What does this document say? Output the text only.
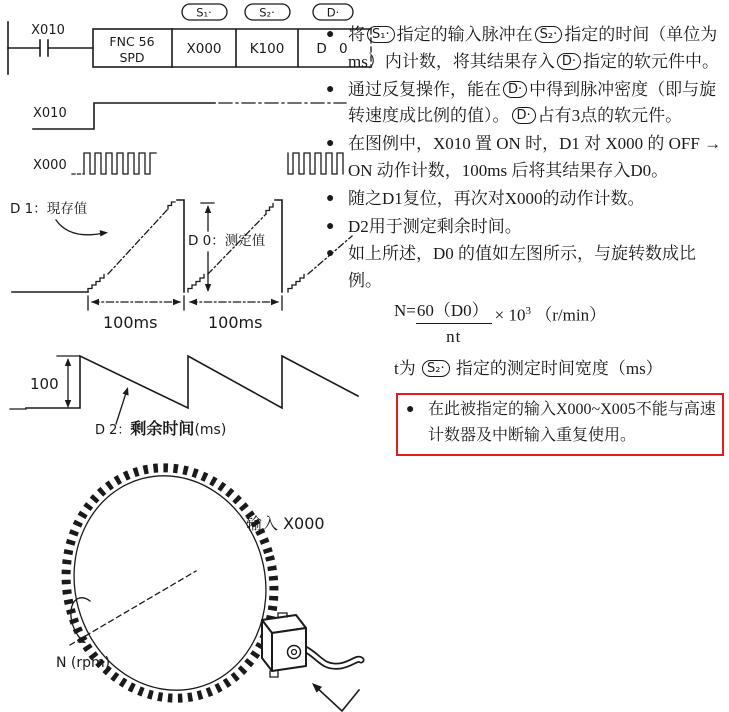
S₁·	S₂·	D·
X010
FNC 56
SPD
X000 K100 D 0
X010
X000
D 1：現存值
D 0：测定值
100ms	100ms
100
D 2：剩余时间(ms)
N (rpm)
输入 X000
● 将 S₁· 指定的输入脉冲在 S₂· 指定的时间（单位为ms）内计数，将其结果存入 D· 指定的软元件中。
● 通过反复操作，能在 D· 中得到脉冲密度（即与旋转速度成比例的值）。 D· 占有3点的软元件。
● 在图例中，X010 置 ON 时，D1 对 X000 的 OFF → ON 动作计数，100ms 后将其结果存入D0。
● 随之D1复位，再次对X000的动作计数。
● D2用于测定剩余时间。
● 如上所述，D0 的值如左图所示，与旋转数成比例。
$N= \frac{60(D0)}{nt} \times 10^3$ （r/min）
t为 S₂· 指定的测定时间宽度（ms）
● 在此被指定的输入X000~X005不能与高速计数器及中断输入重复使用。
